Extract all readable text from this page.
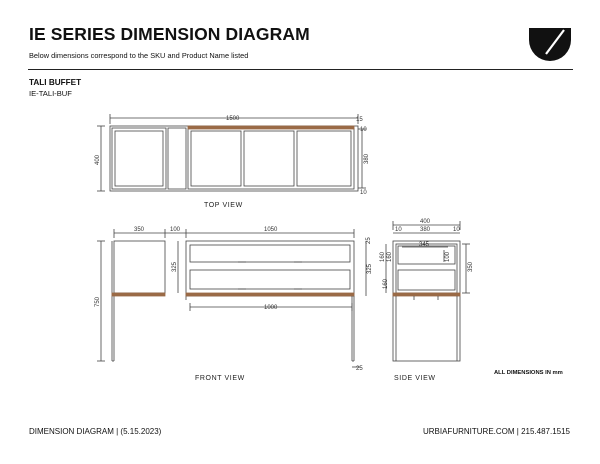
IE SERIES DIMENSION DIAGRAM
Below dimensions correspond to the SKU and Product Name listed
TALI BUFFET
IE-TALI-BUF
1500	15
10
10
400	380
350	100	1050
750
325	325
1000
25
25
400
10	380	10
345
100
350
160 160
160
TOP VIEW
FRONT VIEW	SIDE VIEW
ALL DIMENSIONS IN mm
DIMENSION DIAGRAM | (5.15.2023)	URBIAFURNITURE.COM | 215.487.1515
